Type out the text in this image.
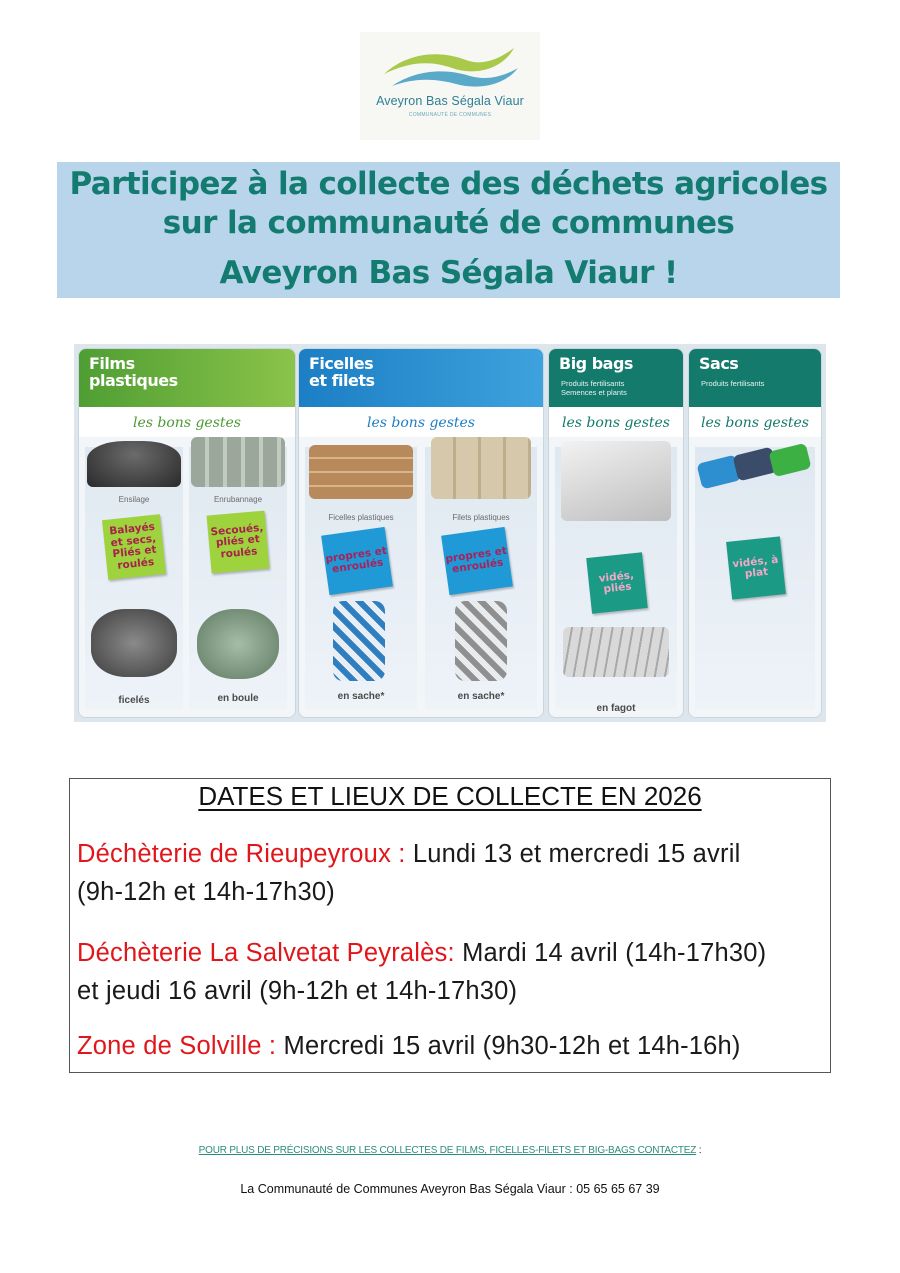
Aveyron Bas Ségala Viaur
COMMUNAUTÉ DE COMMUNES
Participez à la collecte des déchets agricoles
sur la communauté de communes
Aveyron Bas Ségala Viaur !
Films
plastiques
les bons gestes
Ensilage	Enrubannage
Balayés et secs, Pliés et roulés
Secoués, pliés et roulés
ficelés	en boule
Ficelles
et filets
les bons gestes
Ficelles plastiques	Filets plastiques
propres et enroulés
propres et enroulés
en sache*	en sache*
Big bags
Produits fertilisants
Semences et plants
les bons gestes
vidés, pliés
en fagot
Sacs
Produits fertilisants
les bons gestes
vidés, à plat
DATES ET LIEUX DE COLLECTE EN 2026
Déchèterie de Rieupeyroux : Lundi 13 et mercredi 15 avril
(9h-12h et 14h-17h30)
Déchèterie La Salvetat Peyralès: Mardi 14 avril (14h-17h30)
et jeudi 16 avril (9h-12h et 14h-17h30)
Zone de Solville : Mercredi 15 avril (9h30-12h et 14h-16h)
POUR PLUS DE PRÉCISIONS SUR LES COLLECTES DE FILMS, FICELLES-FILETS ET BIG-BAGS CONTACTEZ :
La Communauté de Communes Aveyron Bas Ségala Viaur : 05 65 65 67 39
